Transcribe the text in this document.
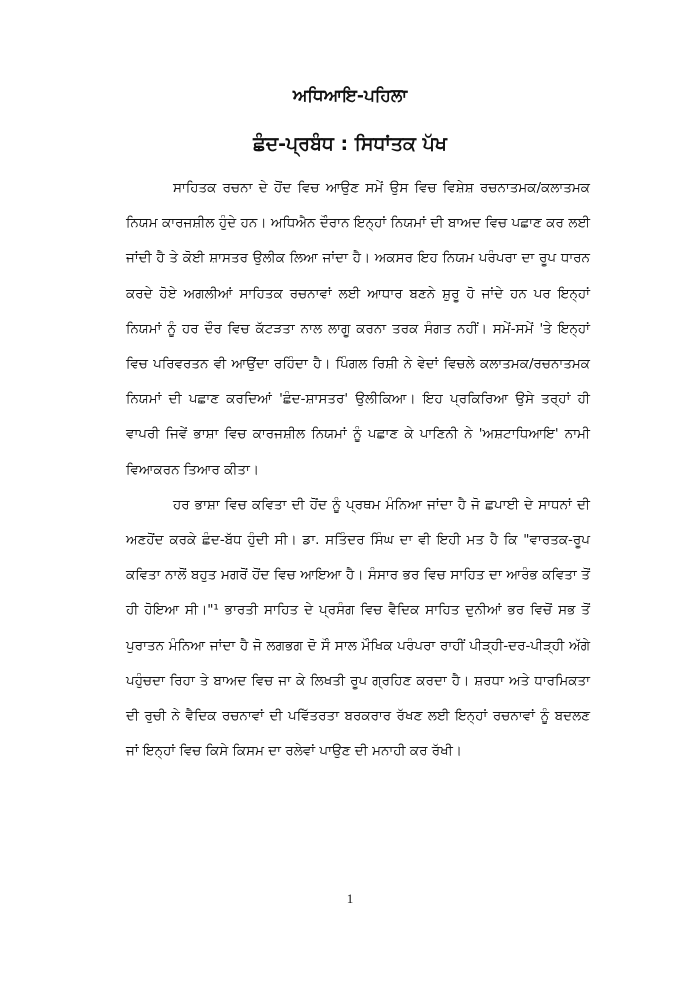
ਅਧਿਆਇ-ਪਹਿਲਾ
ਛੰਦ-ਪ੍ਰਬੰਧ : ਸਿਧਾਂਤਕ ਪੱਖ

ਸਾਹਿਤਕ ਰਚਨਾ ਦੇ ਹੋਂਦ ਵਿਚ ਆਉਣ ਸਮੇਂ ਉਸ ਵਿਚ ਵਿਸ਼ੇਸ਼ ਰਚਨਾਤਮਕ/ਕਲਾਤਮਕ ਨਿਯਮ ਕਾਰਜਸ਼ੀਲ ਹੁੰਦੇ ਹਨ। ਅਧਿਐਨ ਦੌਰਾਨ ਇਨ੍ਹਾਂ ਨਿਯਮਾਂ ਦੀ ਬਾਅਦ ਵਿਚ ਪਛਾਣ ਕਰ ਲਈ ਜਾਂਦੀ ਹੈ ਤੇ ਕੋਈ ਸ਼ਾਸਤਰ ਉਲੀਕ ਲਿਆ ਜਾਂਦਾ ਹੈ। ਅਕਸਰ ਇਹ ਨਿਯਮ ਪਰੰਪਰਾ ਦਾ ਰੂਪ ਧਾਰਨ ਕਰਦੇ ਹੋਏ ਅਗਲੀਆਂ ਸਾਹਿਤਕ ਰਚਨਾਵਾਂ ਲਈ ਆਧਾਰ ਬਣਨੇ ਸ਼ੁਰੂ ਹੋ ਜਾਂਦੇ ਹਨ ਪਰ ਇਨ੍ਹਾਂ ਨਿਯਮਾਂ ਨੂੰ ਹਰ ਦੌਰ ਵਿਚ ਕੱਟੜਤਾ ਨਾਲ ਲਾਗੂ ਕਰਨਾ ਤਰਕ ਸੰਗਤ ਨਹੀਂ। ਸਮੇਂ-ਸਮੇਂ 'ਤੇ ਇਨ੍ਹਾਂ ਵਿਚ ਪਰਿਵਰਤਨ ਵੀ ਆਉਂਦਾ ਰਹਿੰਦਾ ਹੈ। ਪਿੰਗਲ ਰਿਸ਼ੀ ਨੇ ਵੇਦਾਂ ਵਿਚਲੇ ਕਲਾਤਮਕ/ਰਚਨਾਤਮਕ ਨਿਯਮਾਂ ਦੀ ਪਛਾਣ ਕਰਦਿਆਂ 'ਛੰਦ-ਸ਼ਾਸਤਰ' ਉਲੀਕਿਆ। ਇਹ ਪ੍ਰਕਿਰਿਆ ਉਸੇ ਤਰ੍ਹਾਂ ਹੀ ਵਾਪਰੀ ਜਿਵੇਂ ਭਾਸ਼ਾ ਵਿਚ ਕਾਰਜਸ਼ੀਲ ਨਿਯਮਾਂ ਨੂੰ ਪਛਾਣ ਕੇ ਪਾਣਿਨੀ ਨੇ 'ਅਸ਼ਟਾਧਿਆਇ' ਨਾਮੀ ਵਿਆਕਰਨ ਤਿਆਰ ਕੀਤਾ।

ਹਰ ਭਾਸ਼ਾ ਵਿਚ ਕਵਿਤਾ ਦੀ ਹੋਂਦ ਨੂੰ ਪ੍ਰਥਮ ਮੰਨਿਆ ਜਾਂਦਾ ਹੈ ਜੋ ਛਪਾਈ ਦੇ ਸਾਧਨਾਂ ਦੀ ਅਣਹੋਂਦ ਕਰਕੇ ਛੰਦ-ਬੱਧ ਹੁੰਦੀ ਸੀ। ਡਾ. ਸਤਿੰਦਰ ਸਿੰਘ ਦਾ ਵੀ ਇਹੀ ਮਤ ਹੈ ਕਿ "ਵਾਰਤਕ-ਰੂਪ ਕਵਿਤਾ ਨਾਲੋਂ ਬਹੁਤ ਮਗਰੋਂ ਹੋਂਦ ਵਿਚ ਆਇਆ ਹੈ। ਸੰਸਾਰ ਭਰ ਵਿਚ ਸਾਹਿਤ ਦਾ ਆਰੰਭ ਕਵਿਤਾ ਤੋਂ ਹੀ ਹੋਇਆ ਸੀ।"¹ ਭਾਰਤੀ ਸਾਹਿਤ ਦੇ ਪ੍ਰਸੰਗ ਵਿਚ ਵੈਦਿਕ ਸਾਹਿਤ ਦੁਨੀਆਂ ਭਰ ਵਿਚੋਂ ਸਭ ਤੋਂ ਪੁਰਾਤਨ ਮੰਨਿਆ ਜਾਂਦਾ ਹੈ ਜੋ ਲਗਭਗ ਦੋ ਸੌ ਸਾਲ ਮੌਖਿਕ ਪਰੰਪਰਾ ਰਾਹੀਂ ਪੀੜ੍ਹੀ-ਦਰ-ਪੀੜ੍ਹੀ ਅੱਗੇ ਪਹੁੰਚਦਾ ਰਿਹਾ ਤੇ ਬਾਅਦ ਵਿਚ ਜਾ ਕੇ ਲਿਖਤੀ ਰੂਪ ਗ੍ਰਹਿਣ ਕਰਦਾ ਹੈ। ਸ਼ਰਧਾ ਅਤੇ ਧਾਰਮਿਕਤਾ ਦੀ ਰੁਚੀ ਨੇ ਵੈਦਿਕ ਰਚਨਾਵਾਂ ਦੀ ਪਵਿੱਤਰਤਾ ਬਰਕਰਾਰ ਰੱਖਣ ਲਈ ਇਨ੍ਹਾਂ ਰਚਨਾਵਾਂ ਨੂੰ ਬਦਲਣ ਜਾਂ ਇਨ੍ਹਾਂ ਵਿਚ ਕਿਸੇ ਕਿਸਮ ਦਾ ਰਲੇਵਾਂ ਪਾਉਣ ਦੀ ਮਨਾਹੀ ਕਰ ਰੱਖੀ।

1
